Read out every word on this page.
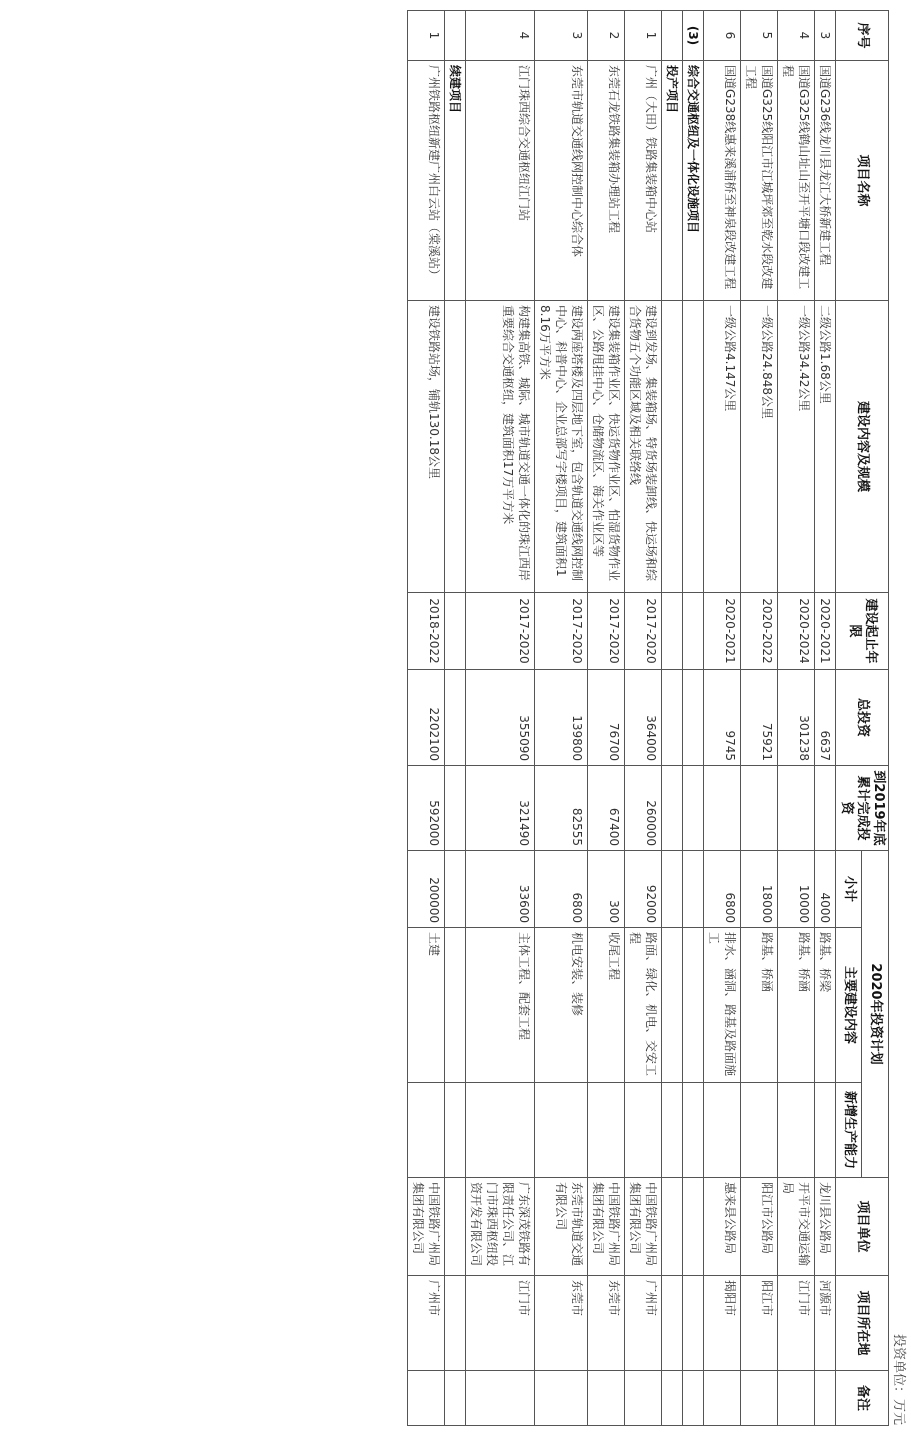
投资单位：万元
序号	项目名称	建设内容及规模	建设起止年限	总投资	到2019年底累计完成投资	2020年投资计划			项目单位	项目所在地	备注
						小计	主要建设内容	新增生产能力			
3	国道G236线龙川县龙江大桥新建工程	二级公路1.68公里	2020-2021	6637		4000	路基、桥梁		龙川县公路局	河源市	
4	国道G325线鹤山址山至开平塘口段改建工程	一级公路34.42公里	2020-2024	301238		10000	路基、桥涵		开平市交通运输局	江门市	
5	国道G325线阳江市江城坪郊至乾水段改建工程	一级公路24.848公里	2020-2022	75921		18000	路基、桥涵		阳江市公路局	阳江市	
6	国道G238线惠来溪浦桥至神泉段改建工程	一级公路4.147公里	2020-2021	9745		6800	排水、涵洞、路基及路面施工		惠来县公路局	揭阳市	
(3)	综合交通枢纽及一体化设施项目										
	投产项目										
1	广州（大田）铁路集装箱中心站	建设到发场、集装箱场、特货场装卸线、快运场和综合货物五个功能区域及相关联络线	2017-2020	364000	260000	92000	路面、绿化、机电、交安工程		中国铁路广州局集团有限公司	广州市	
2	东莞石龙铁路集装箱办理站工程	建设集装箱作业区、快运货物作业区、怕湿货物作业区、公路甩挂中心、仓储物流区、海关作业区等	2017-2020	76700	67400	300	收尾工程		中国铁路广州局集团有限公司	东莞市	
3	东莞市轨道交通线网控制中心综合体	建设两座塔楼及四层地下室，包含轨道交通线网控制中心、科普中心、企业总部写字楼项目，建筑面积18.16万平方米	2017-2020	139800	82555	6800	机电安装、装修		东莞市轨道交通有限公司	东莞市	
4	江门珠西综合交通枢纽江门站	构建集高铁、城际、城市轨道交通一体化的珠江西岸重要综合交通枢纽，建筑面积17万平方米	2017-2020	355090	321490	33600	主体工程、配套工程		广东深茂铁路有限责任公司、江门市珠西枢纽投资开发有限公司	江门市	
	续建项目										
1	广州铁路枢纽新建广州白云站（棠溪站）	建设铁路站场，铺轨130.18公里	2018-2022	2202100	592000	200000	土建		中国铁路广州局集团有限公司	广州市	
